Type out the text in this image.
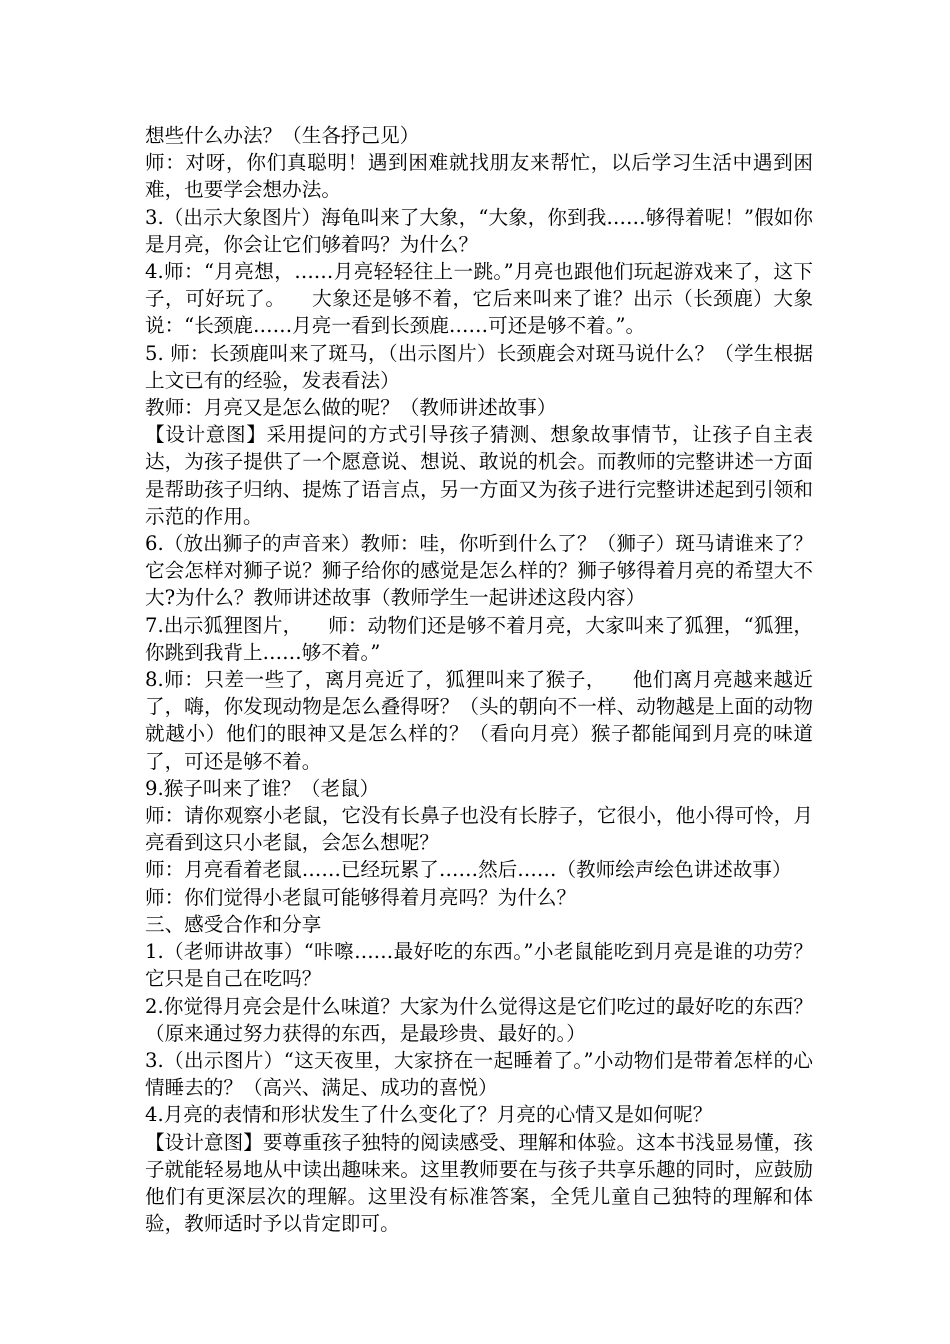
想些什么办法？（生各抒己见）

师：对呀，你们真聪明！遇到困难就找朋友来帮忙，以后学习生活中遇到困难，也要学会想办法。

3.（出示大象图片）海龟叫来了大象，“大象，你到我……够得着呢！”假如你是月亮，你会让它们够着吗？为什么？

4.师：“月亮想，……月亮轻轻往上一跳。”月亮也跟他们玩起游戏来了，这下子，可好玩了。    大象还是够不着，它后来叫来了谁？出示（长颈鹿）大象说：“长颈鹿……月亮一看到长颈鹿……可还是够不着。”。

5. 师：长颈鹿叫来了斑马，（出示图片）长颈鹿会对斑马说什么？（学生根据上文已有的经验，发表看法）

教师：月亮又是怎么做的呢？（教师讲述故事）

【设计意图】采用提问的方式引导孩子猜测、想象故事情节，让孩子自主表达，为孩子提供了一个愿意说、想说、敢说的机会。而教师的完整讲述一方面是帮助孩子归纳、提炼了语言点，另一方面又为孩子进行完整讲述起到引领和示范的作用。

6.（放出狮子的声音来）教师：哇，你听到什么了？（狮子）斑马请谁来了？它会怎样对狮子说？狮子给你的感觉是怎么样的？狮子够得着月亮的希望大不大?为什么？教师讲述故事（教师学生一起讲述这段内容）

7.出示狐狸图片，    师：动物们还是够不着月亮，大家叫来了狐狸，“狐狸，你跳到我背上……够不着。”

8.师：只差一些了，离月亮近了，狐狸叫来了猴子，    他们离月亮越来越近了，嗨，你发现动物是怎么叠得呀？（头的朝向不一样、动物越是上面的动物就越小）他们的眼神又是怎么样的？（看向月亮）猴子都能闻到月亮的味道了，可还是够不着。

9.猴子叫来了谁？（老鼠）

师：请你观察小老鼠，它没有长鼻子也没有长脖子，它很小，他小得可怜，月亮看到这只小老鼠，会怎么想呢？

师：月亮看着老鼠……已经玩累了……然后……（教师绘声绘色讲述故事）

师：你们觉得小老鼠可能够得着月亮吗？为什么？

三、感受合作和分享

1.（老师讲故事）“咔嚓……最好吃的东西。”小老鼠能吃到月亮是谁的功劳？它只是自己在吃吗？

2.你觉得月亮会是什么味道？大家为什么觉得这是它们吃过的最好吃的东西？（原来通过努力获得的东西，是最珍贵、最好的。）

3.（出示图片）“这天夜里，大家挤在一起睡着了。”小动物们是带着怎样的心情睡去的？（高兴、满足、成功的喜悦）

4.月亮的表情和形状发生了什么变化了？月亮的心情又是如何呢？

【设计意图】要尊重孩子独特的阅读感受、理解和体验。这本书浅显易懂，孩子就能轻易地从中读出趣味来。这里教师要在与孩子共享乐趣的同时，应鼓励他们有更深层次的理解。这里没有标准答案，全凭儿童自己独特的理解和体验，教师适时予以肯定即可。
